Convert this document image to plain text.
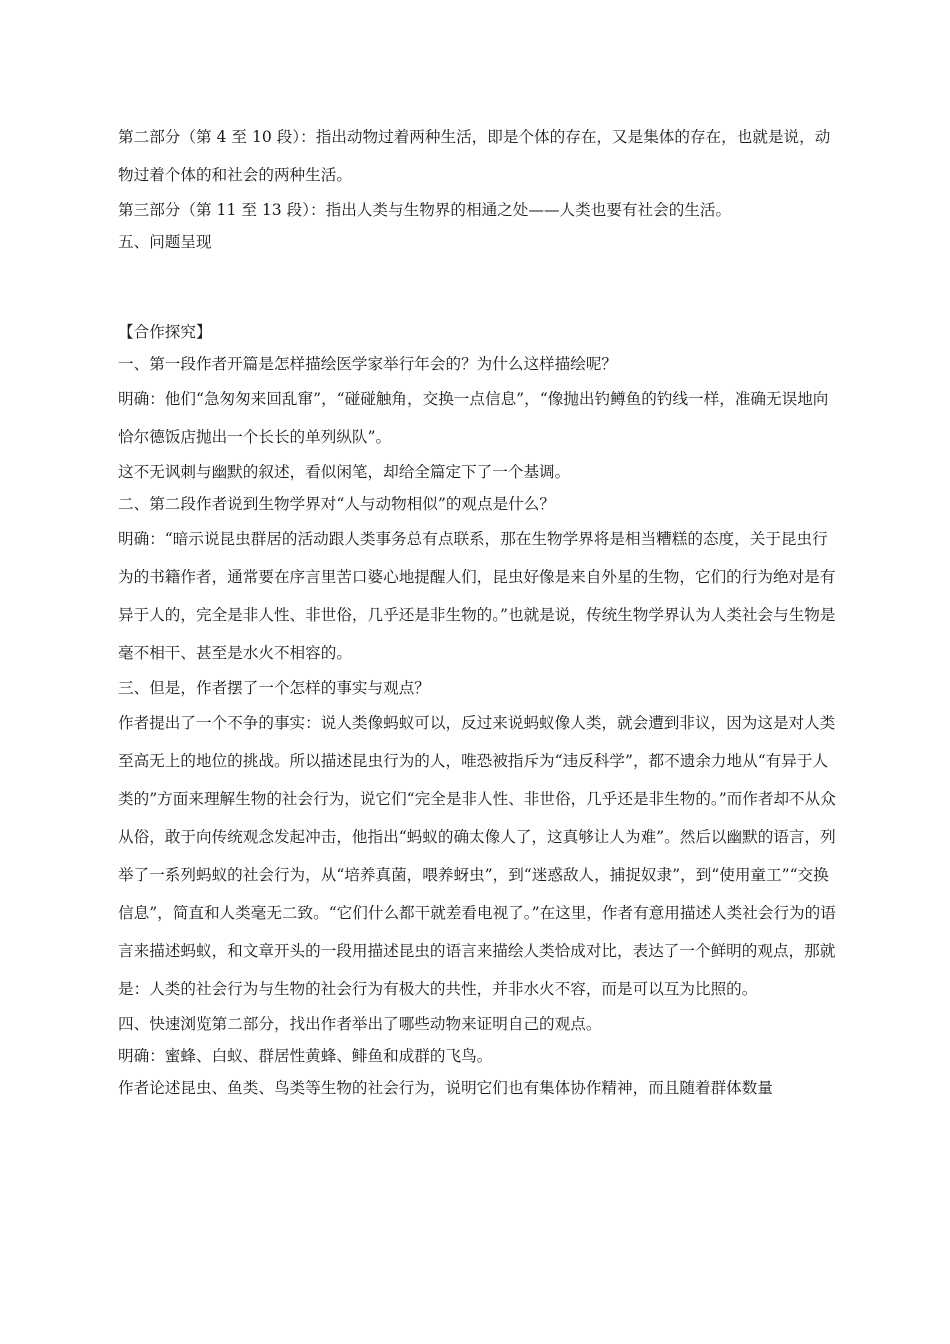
第二部分（第 4 至 10 段）：指出动物过着两种生活，即是个体的存在，又是集体的存在，也就是说，动物过着个体的和社会的两种生活。

第三部分（第 11 至 13 段）：指出人类与生物界的相通之处——人类也要有社会的生活。

五、问题呈现

【合作探究】

一、第一段作者开篇是怎样描绘医学家举行年会的？为什么这样描绘呢？

明确：他们“急匆匆来回乱窜”，“碰碰触角，交换一点信息”，“像抛出钓鳟鱼的钓线一样，准确无误地向恰尔德饭店抛出一个长长的单列纵队”。

这不无讽刺与幽默的叙述，看似闲笔，却给全篇定下了一个基调。

二、第二段作者说到生物学界对“人与动物相似”的观点是什么？

明确：“暗示说昆虫群居的活动跟人类事务总有点联系，那在生物学界将是相当糟糕的态度，关于昆虫行为的书籍作者，通常要在序言里苦口婆心地提醒人们，昆虫好像是来自外星的生物，它们的行为绝对是有异于人的，完全是非人性、非世俗，几乎还是非生物的。”也就是说，传统生物学界认为人类社会与生物是毫不相干、甚至是水火不相容的。

三、但是，作者摆了一个怎样的事实与观点？

作者提出了一个不争的事实：说人类像蚂蚁可以，反过来说蚂蚁像人类，就会遭到非议，因为这是对人类至高无上的地位的挑战。所以描述昆虫行为的人，唯恐被指斥为“违反科学”，都不遗余力地从“有异于人类的”方面来理解生物的社会行为，说它们“完全是非人性、非世俗，几乎还是非生物的。”而作者却不从众从俗，敢于向传统观念发起冲击，他指出“蚂蚁的确太像人了，这真够让人为难”。然后以幽默的语言，列举了一系列蚂蚁的社会行为，从“培养真菌，喂养蚜虫”，到“迷惑敌人，捕捉奴隶”，到“使用童工”“交换信息”，简直和人类毫无二致。“它们什么都干就差看电视了。”在这里，作者有意用描述人类社会行为的语言来描述蚂蚁，和文章开头的一段用描述昆虫的语言来描绘人类恰成对比，表达了一个鲜明的观点，那就是：人类的社会行为与生物的社会行为有极大的共性，并非水火不容，而是可以互为比照的。

四、快速浏览第二部分，找出作者举出了哪些动物来证明自己的观点。

明确：蜜蜂、白蚁、群居性黄蜂、鲱鱼和成群的飞鸟。

作者论述昆虫、鱼类、鸟类等生物的社会行为，说明它们也有集体协作精神，而且随着群体数量
